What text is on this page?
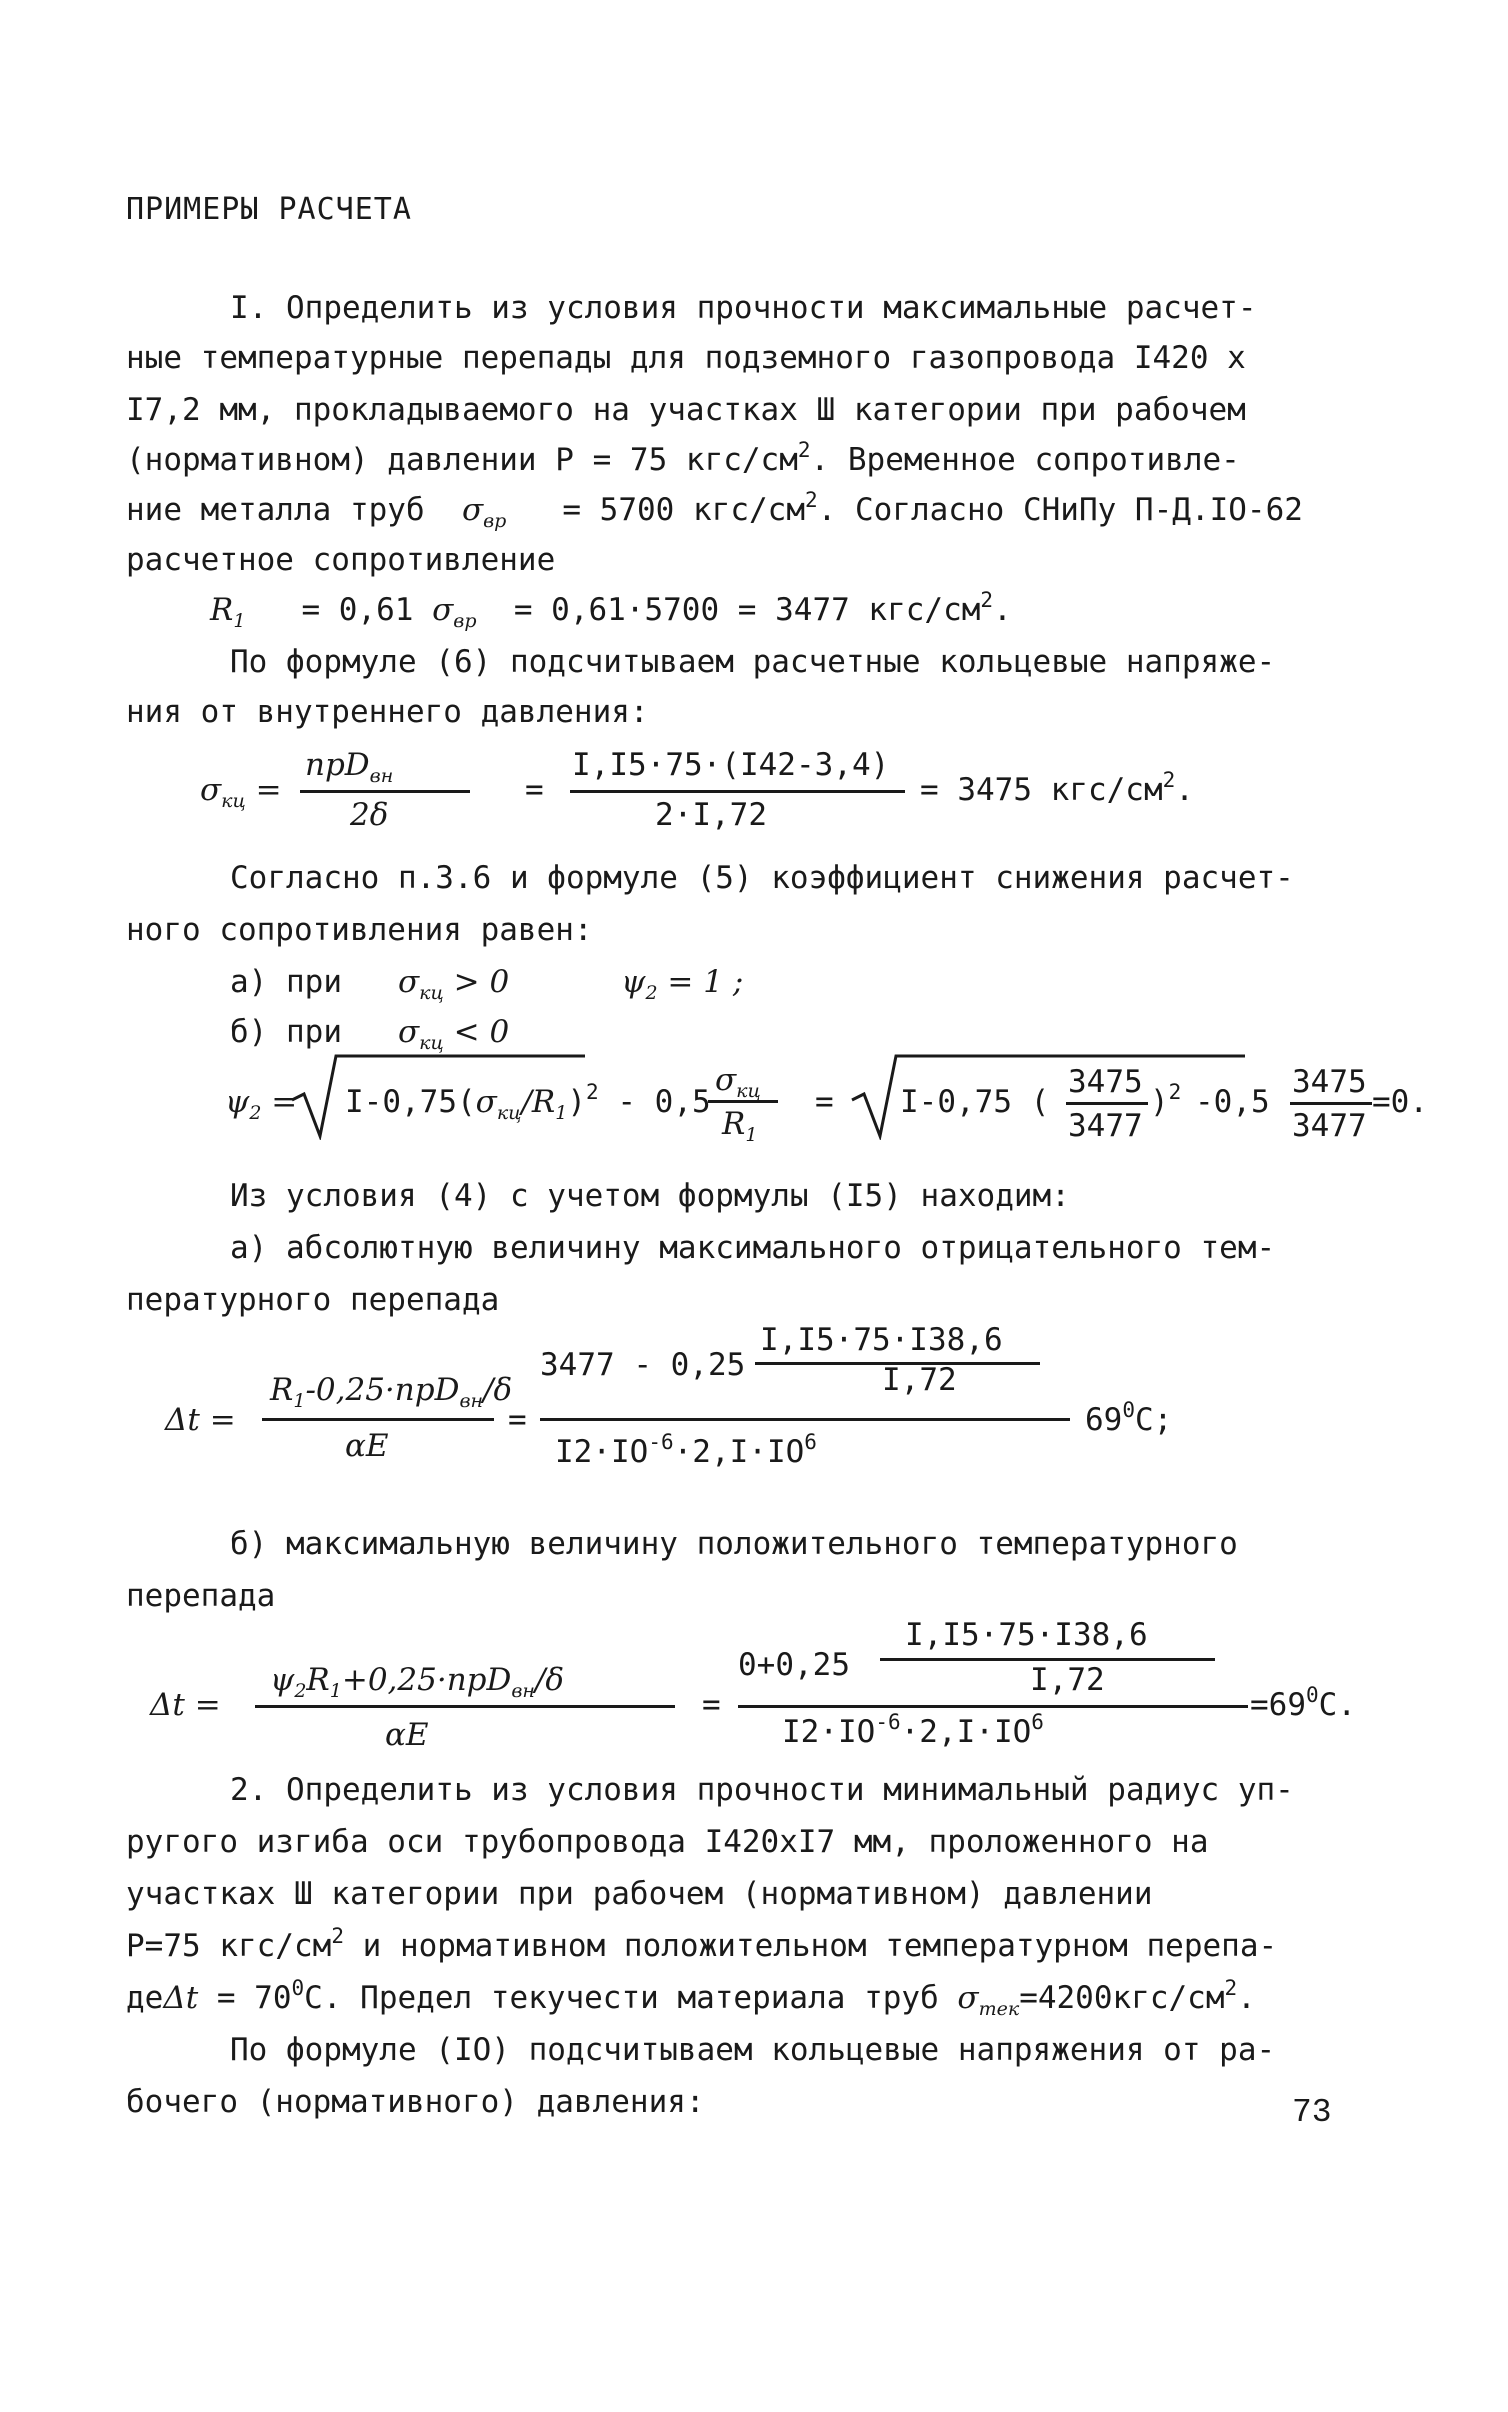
ПРИМЕРЫ РАСЧЕТА
I. Определить из условия прочности максимальные расчет-
ные температурные перепады для подземного газопровода I420 х
I7,2 мм, прокладываемого на участках Ш категории при рабочем
(нормативном) давлении Р = 75 кгс/$см^2$. Временное сопротивле-
ние металла труб $\sigma_{вр} = 5700$ кгс/$см^2$. Согласно СНиПу П-Д.IO-62
расчетное сопротивление
$R_1 = 0,61$ $\sigma_{вр} = 0,61\cdot 5700 = 3477$ кгс/$см^2$.
По формуле (6) подсчитываем расчетные кольцевые напряже-
ния от внутреннего давления:
$\sigma_{кц}$ =
nрD$_{вн}$
2δ
=
I,I5·75·(I42-3,4)
2·I,72
= 3475 кгс/$см^2$.
Согласно п.3.6 и формуле (5) коэффициент снижения расчет-
ного сопротивления равен:
а) при $\sigma_{кц} > 0$	$\psi_2 = 1$ ;
б) при $\sigma_{кц} < 0$
$\psi_2 = I-0,75(\sigma_{кц}/R_1)^2 - 0,5$
$\sigma_{кц}$
$R_1$
= I-0,75 (
3475
3477
)$^2$ -0,5
3475
3477
=0.
Из условия (4) с учетом формулы (I5) находим:
а) абсолютную величину максимального отрицательного тем-
пературного перепада
Δt =
$R_1-0,25\cdot nрD_{вн}/\delta$
αE
=
3477 - 0,25
I,I5·75·I38,6
I,72
$I2\cdot IO^{-6}\cdot 2,I\cdot IO^6$
$69^0С$;
б) максимальную величину положительного температурного
перепада
Δt =
$\psi_2R_1+0,25\cdot nрD_{вн}/\delta$
αE
=
0+0,25
I,I5·75·I38,6
I,72
$I2\cdot IO^{-6}\cdot 2,I\cdot IO^6$	$=69^0С$.
2. Определить из условия прочности минимальный радиус уп-
ругого изгиба оси трубопровода I420хI7 мм, проложенного на
участках Ш категории при рабочем (нормативном) давлении
Р=75 кгс/$см^2$ и нормативном положительном температурном перепа-
$де\Delta t = 70^0С$. Предел текучести материала труб $\sigma_{тек}=4200кгс/см^2$.
По формуле (IO) подсчитываем кольцевые напряжения от ра-
бочего (нормативного) давления:	73
